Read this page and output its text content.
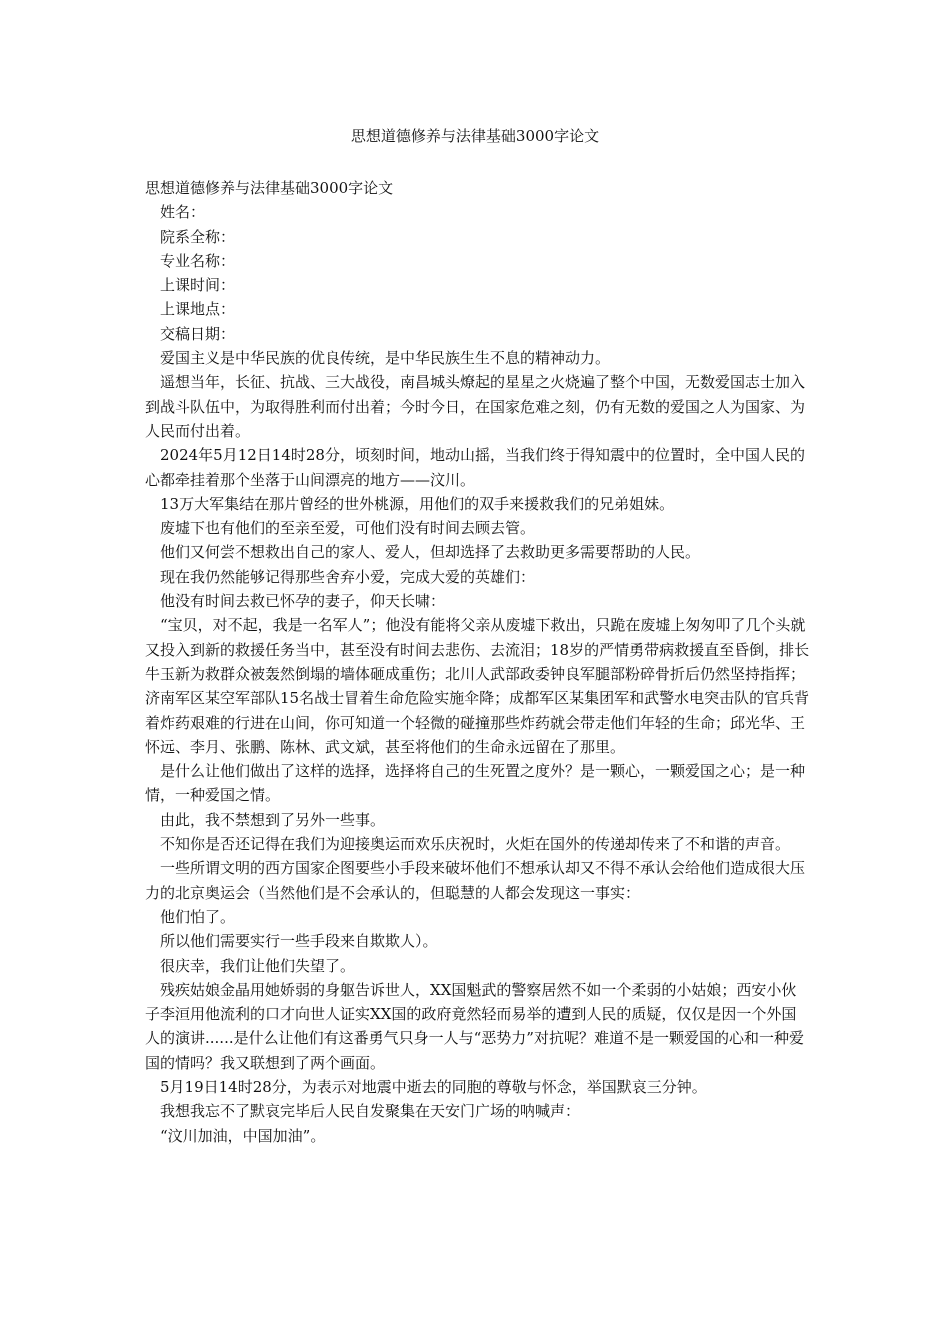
思想道德修养与法律基础3000字论文

思想道德修养与法律基础3000字论文

姓名：

院系全称：

专业名称：

上课时间：

上课地点：

交稿日期：

爱国主义是中华民族的优良传统，是中华民族生生不息的精神动力。

遥想当年，长征、抗战、三大战役，南昌城头燎起的星星之火烧遍了整个中国，无数爱国志士加入到战斗队伍中，为取得胜利而付出着；今时今日，在国家危难之刻，仍有无数的爱国之人为国家、为人民而付出着。

2024年5月12日14时28分，顷刻时间，地动山摇，当我们终于得知震中的位置时，全中国人民的心都牵挂着那个坐落于山间漂亮的地方——汶川。

13万大军集结在那片曾经的世外桃源，用他们的双手来援救我们的兄弟姐妹。

废墟下也有他们的至亲至爱，可他们没有时间去顾去管。

他们又何尝不想救出自己的家人、爱人，但却选择了去救助更多需要帮助的人民。

现在我仍然能够记得那些舍弃小爱，完成大爱的英雄们：

他没有时间去救已怀孕的妻子，仰天长啸：

“宝贝，对不起，我是一名军人”；他没有能将父亲从废墟下救出，只跪在废墟上匆匆叩了几个头就又投入到新的救援任务当中，甚至没有时间去悲伤、去流泪；18岁的严情勇带病救援直至昏倒，排长牛玉新为救群众被轰然倒塌的墙体砸成重伤；北川人武部政委钟良军腿部粉碎骨折后仍然坚持指挥；济南军区某空军部队15名战士冒着生命危险实施伞降；成都军区某集团军和武警水电突击队的官兵背着炸药艰难的行进在山间，你可知道一个轻微的碰撞那些炸药就会带走他们年轻的生命；邱光华、王怀远、李月、张鹏、陈林、武文斌，甚至将他们的生命永远留在了那里。

是什么让他们做出了这样的选择，选择将自己的生死置之度外？是一颗心，一颗爱国之心；是一种情，一种爱国之情。

由此，我不禁想到了另外一些事。

不知你是否还记得在我们为迎接奥运而欢乐庆祝时，火炬在国外的传递却传来了不和谐的声音。

一些所谓文明的西方国家企图要些小手段来破坏他们不想承认却又不得不承认会给他们造成很大压力的北京奥运会（当然他们是不会承认的，但聪慧的人都会发现这一事实：

他们怕了。

所以他们需要实行一些手段来自欺欺人）。

很庆幸，我们让他们失望了。

残疾姑娘金晶用她娇弱的身躯告诉世人，XX国魁武的警察居然不如一个柔弱的小姑娘；西安小伙子李洹用他流利的口才向世人证实XX国的政府竟然轻而易举的遭到人民的质疑，仅仅是因一个外国人的演讲......是什么让他们有这番勇气只身一人与“恶势力”对抗呢？难道不是一颗爱国的心和一种爱国的情吗？我又联想到了两个画面。

5月19日14时28分，为表示对地震中逝去的同胞的尊敬与怀念，举国默哀三分钟。

我想我忘不了默哀完毕后人民自发聚集在天安门广场的呐喊声：

“汶川加油，中国加油”。
